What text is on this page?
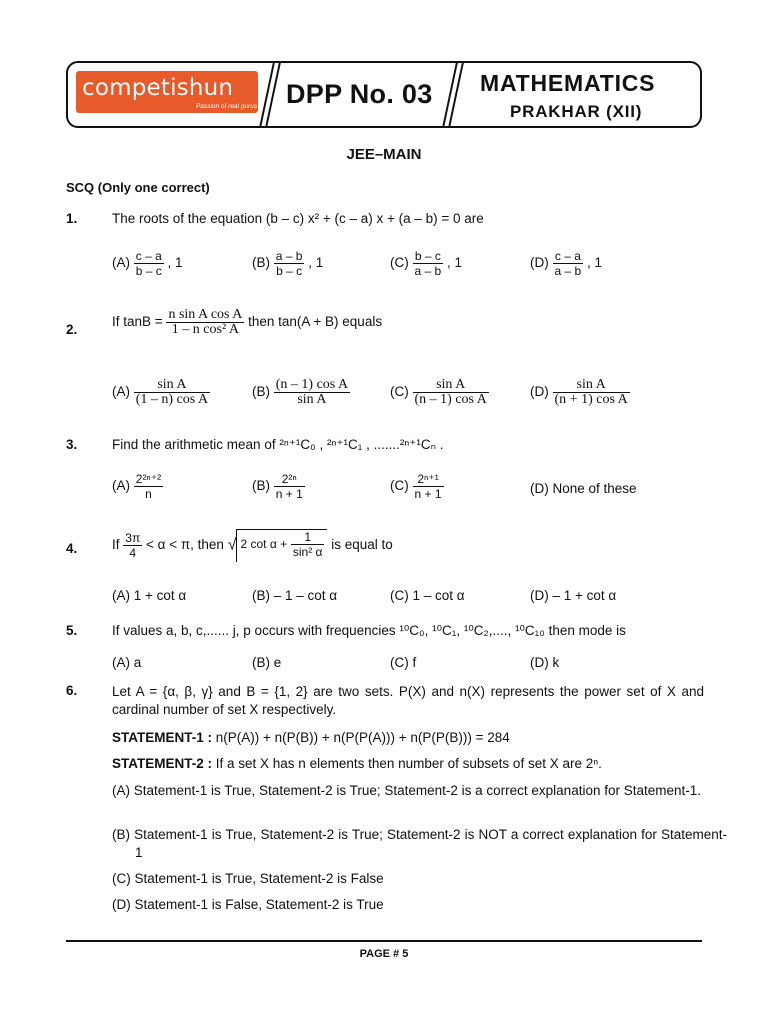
competishun
Passion of real gurus DPP No. 03 MATHEMATICS
PRAKHAR (XII)
JEE–MAIN
SCQ (Only one correct)
1.	The roots of the equation (b – c) x² + (c – a) x + (a – b) = 0 are
$(A) \frac{c - a}{b - c}$ , 1	$(B) \frac{a - b}{b - c}$ , 1	$(C) \frac{b - c}{a - b}$ , 1	$(D) \frac{c - a}{a - b}$ , 1
2.
If $\tan B = \frac{\text{n sin A cos A}}{\text{1 – n cos² A}}$ then tan(A + B) equals
$(A) \frac{\text{sin A}}{\text{(1 – n) cos A}}$	$(B) \frac{\text{(n – 1) cos A}}{\text{sin A}}$	$(C) \frac{\text{sin A}}{\text{(n – 1) cos A}}$	$(D) \frac{\text{sin A}}{\text{(n + 1) cos A}}$
3.	Find the arithmetic mean of ²ⁿ⁺¹C₀ , ²ⁿ⁺¹C₁ , .......²ⁿ⁺¹Cₙ .
$(A) \frac{\text{2²ⁿ⁺²}}{n}$	$(B) \frac{\text{2²ⁿ}}{n + 1}$	$(C) \frac{\text{2ⁿ⁺¹}}{n + 1}$	(D) None of these
4.	If $\frac{3\pi}{4} < \alpha < \pi$, then √ 2 $\cot \alpha + \frac{1}{\text{sin² α}}$ is equal to
(A) 1 + cot α	(B) – 1 – cot α	(C) 1 – cot α	(D) – 1 + cot α
5.	If values a, b, c,...... j, p occurs with frequencies ¹⁰C₀, ¹⁰C₁, ¹⁰C₂,...., ¹⁰C₁₀ then mode is
(A) a	(B) e	(C) f	(D) k
6.	Let A = {α, β, γ} and B = {1, 2} are two sets. P(X) and n(X) represents the power set of X and cardinal number of set X respectively.
STATEMENT-1 : n(P(A)) + n(P(B)) + n(P(P(A))) + n(P(P(B))) = 284
STATEMENT-2 : If a set X has n elements then number of subsets of set X are 2ⁿ.
(A) Statement-1 is True, Statement-2 is True; Statement-2 is a correct explanation for Statement-1.
(B) Statement-1 is True, Statement-2 is True; Statement-2 is NOT a correct explanation for Statement-1
(C) Statement-1 is True, Statement-2 is False
(D) Statement-1 is False, Statement-2 is True
PAGE # 5
